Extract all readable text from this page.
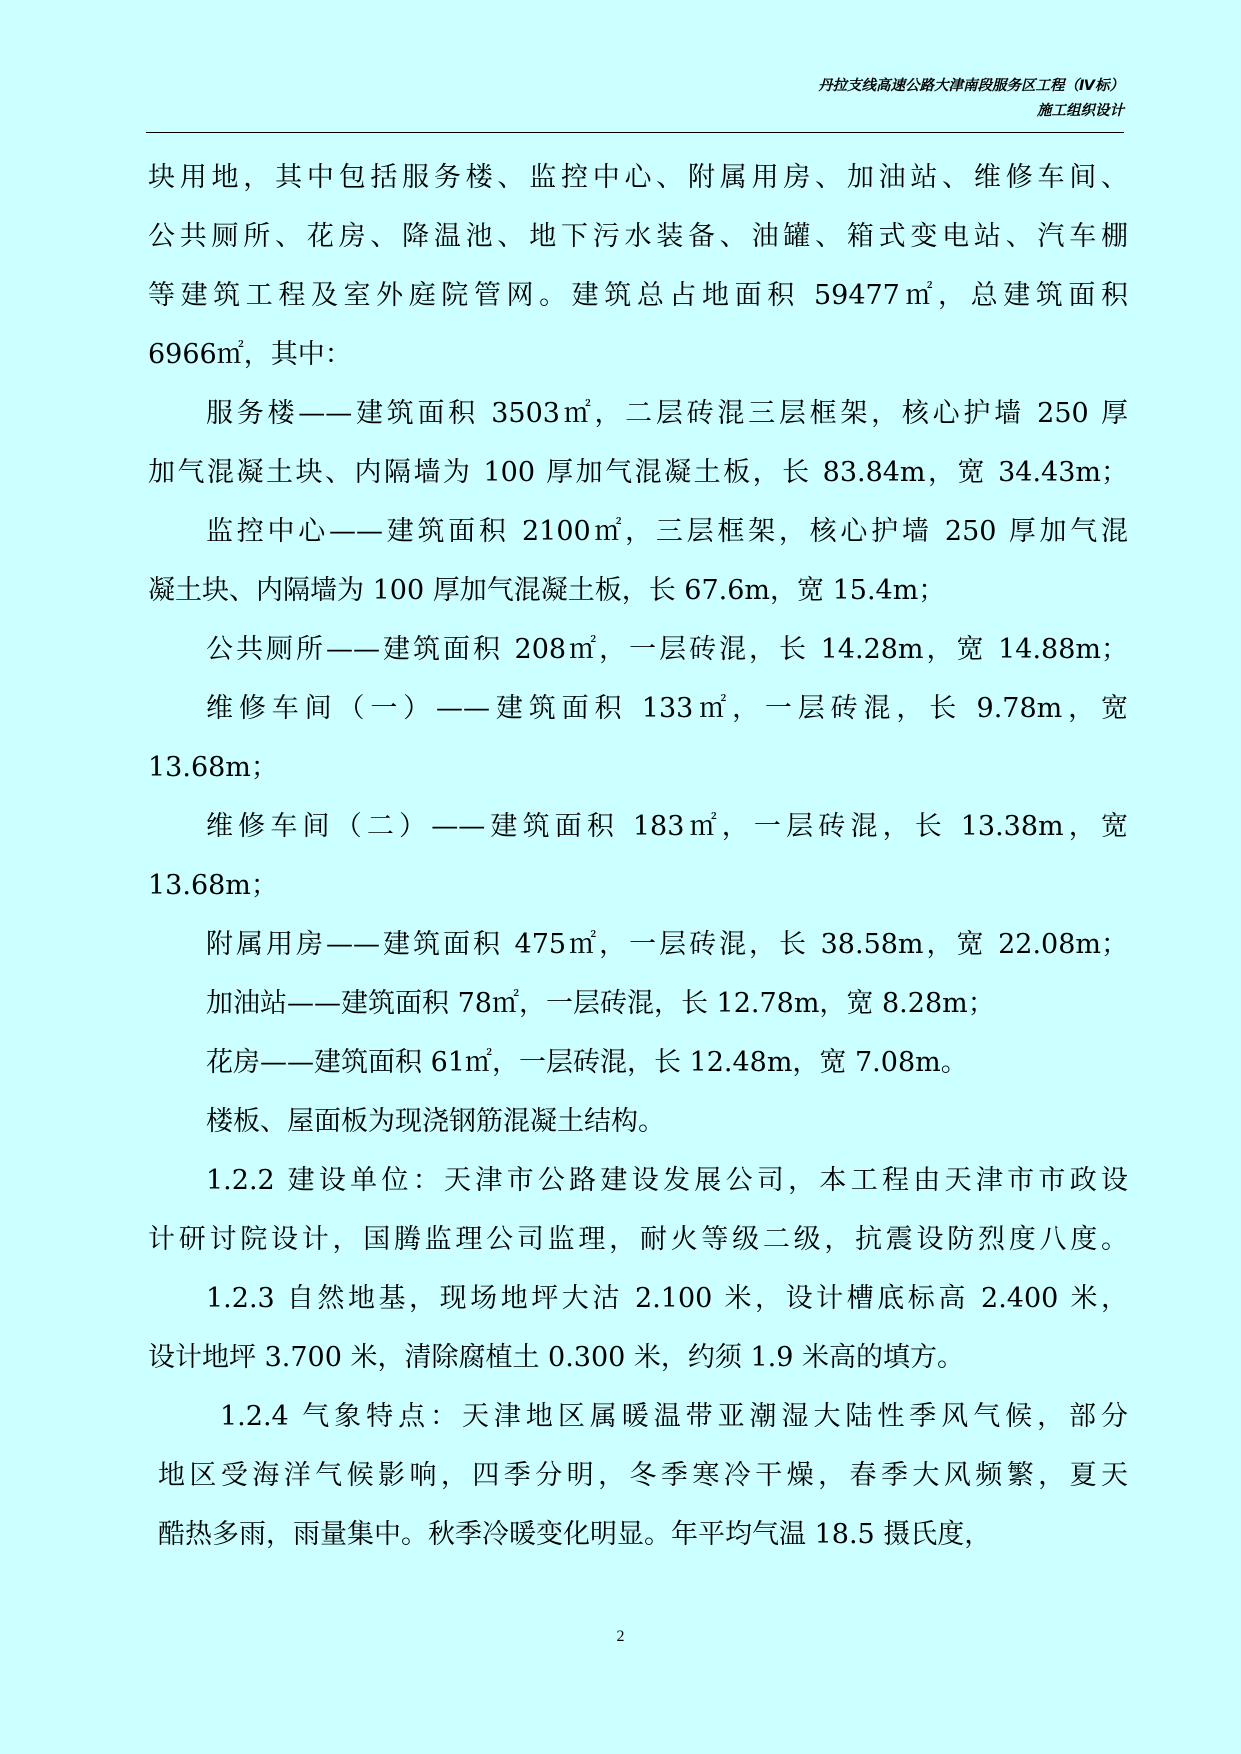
丹拉支线高速公路大津南段服务区工程（Ⅳ标）
施工组织设计
块用地，其中包括服务楼、监控中心、附属用房、加油站、维修车间、
公共厕所、花房、降温池、地下污水装备、油罐、箱式变电站、汽车棚
等建筑工程及室外庭院管网。建筑总占地面积 59477㎡，总建筑面积
6966㎡，其中：
服务楼——建筑面积 3503㎡，二层砖混三层框架，核心护墙 250 厚
加气混凝土块、内隔墙为 100 厚加气混凝土板，长 83.84m，宽 34.43m；
监控中心——建筑面积 2100㎡，三层框架，核心护墙 250 厚加气混
凝土块、内隔墙为 100 厚加气混凝土板，长 67.6m，宽 15.4m；
公共厕所——建筑面积 208㎡，一层砖混，长 14.28m，宽 14.88m；
维修车间（一）——建筑面积 133㎡，一层砖混，长 9.78m，宽
13.68m；
维修车间（二）——建筑面积 183㎡，一层砖混，长 13.38m，宽
13.68m；
附属用房——建筑面积 475㎡，一层砖混，长 38.58m，宽 22.08m；
加油站——建筑面积 78㎡，一层砖混，长 12.78m，宽 8.28m；
花房——建筑面积 61㎡，一层砖混，长 12.48m，宽 7.08m。
楼板、屋面板为现浇钢筋混凝土结构。
1.2.2 建设单位：天津市公路建设发展公司，本工程由天津市市政设
计研讨院设计，国腾监理公司监理，耐火等级二级，抗震设防烈度八度。
1.2.3 自然地基，现场地坪大沽 2.100 米，设计槽底标高 2.400 米，
设计地坪 3.700 米，清除腐植土 0.300 米，约须 1.9 米高的填方。
1.2.4 气象特点：天津地区属暖温带亚潮湿大陆性季风气候，部分
地区受海洋气候影响，四季分明，冬季寒冷干燥，春季大风频繁，夏天
酷热多雨，雨量集中。秋季冷暖变化明显。年平均气温 18.5 摄氏度，
2
